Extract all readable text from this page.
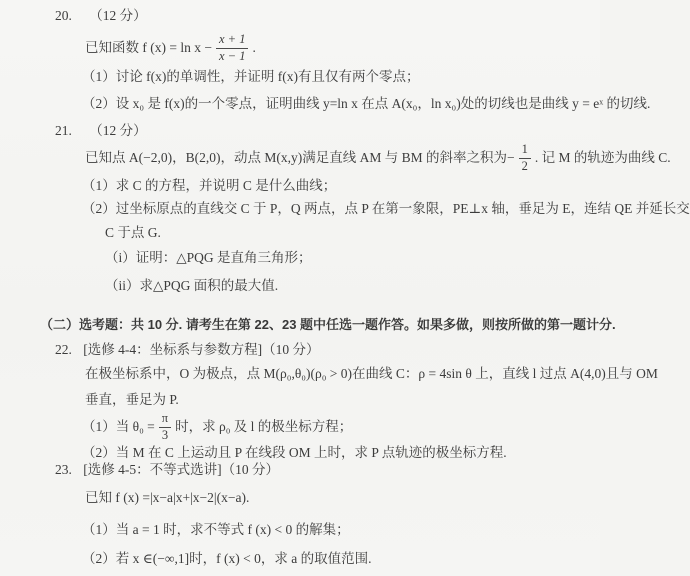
20. （12 分）
已知函数 f $(x) = \ln x - \frac{x + 1}{x - 1}$ .
（1）讨论 f(x)的单调性，并证明 f(x)有且仅有两个零点；
（2）设 x₀ 是 f(x)的一个零点，证明曲线 y=ln x 在点 A(x₀，ln x₀)处的切线也是曲线 y = eˣ 的切线.
21. （12 分）
已知点 A(−2,0)，B(2,0)，动点 M(x,y)满足直线 AM 与 BM 的斜率之积为− $\frac{1}{2}$ . 记 M 的轨迹为曲线 C.
（1）求 C 的方程，并说明 C 是什么曲线；
（2）过坐标原点的直线交 C 于 P，Q 两点，点 P 在第一象限，PE⊥x 轴，垂足为 E，连结 QE 并延长交
C 于点 G.
（i）证明：△PQG 是直角三角形；
（ii）求△PQG 面积的最大值.
（二）选考题：共 10 分. 请考生在第 22、23 题中任选一题作答。如果多做，则按所做的第一题计分.
22. [选修 4-4：坐标系与参数方程]（10 分）
在极坐标系中，O 为极点，点 M(ρ₀,θ₀)(ρ₀ > 0)在曲线 C：ρ = 4sin θ 上，直线 l 过点 A(4,0)且与 OM
垂直，垂足为 P.
（1）当 $\theta_0 = \frac{\pi}{3}$ 时，求 ρ₀ 及 l 的极坐标方程；
（2）当 M 在 C 上运动且 P 在线段 OM 上时，求 P 点轨迹的极坐标方程.
23. [选修 4-5：不等式选讲]（10 分）
已知 f (x) =|x−a|x+|x−2|(x−a).
（1）当 a = 1 时，求不等式 f (x) < 0 的解集；
（2）若 x ∈(−∞,1]时，f (x) < 0，求 a 的取值范围.
